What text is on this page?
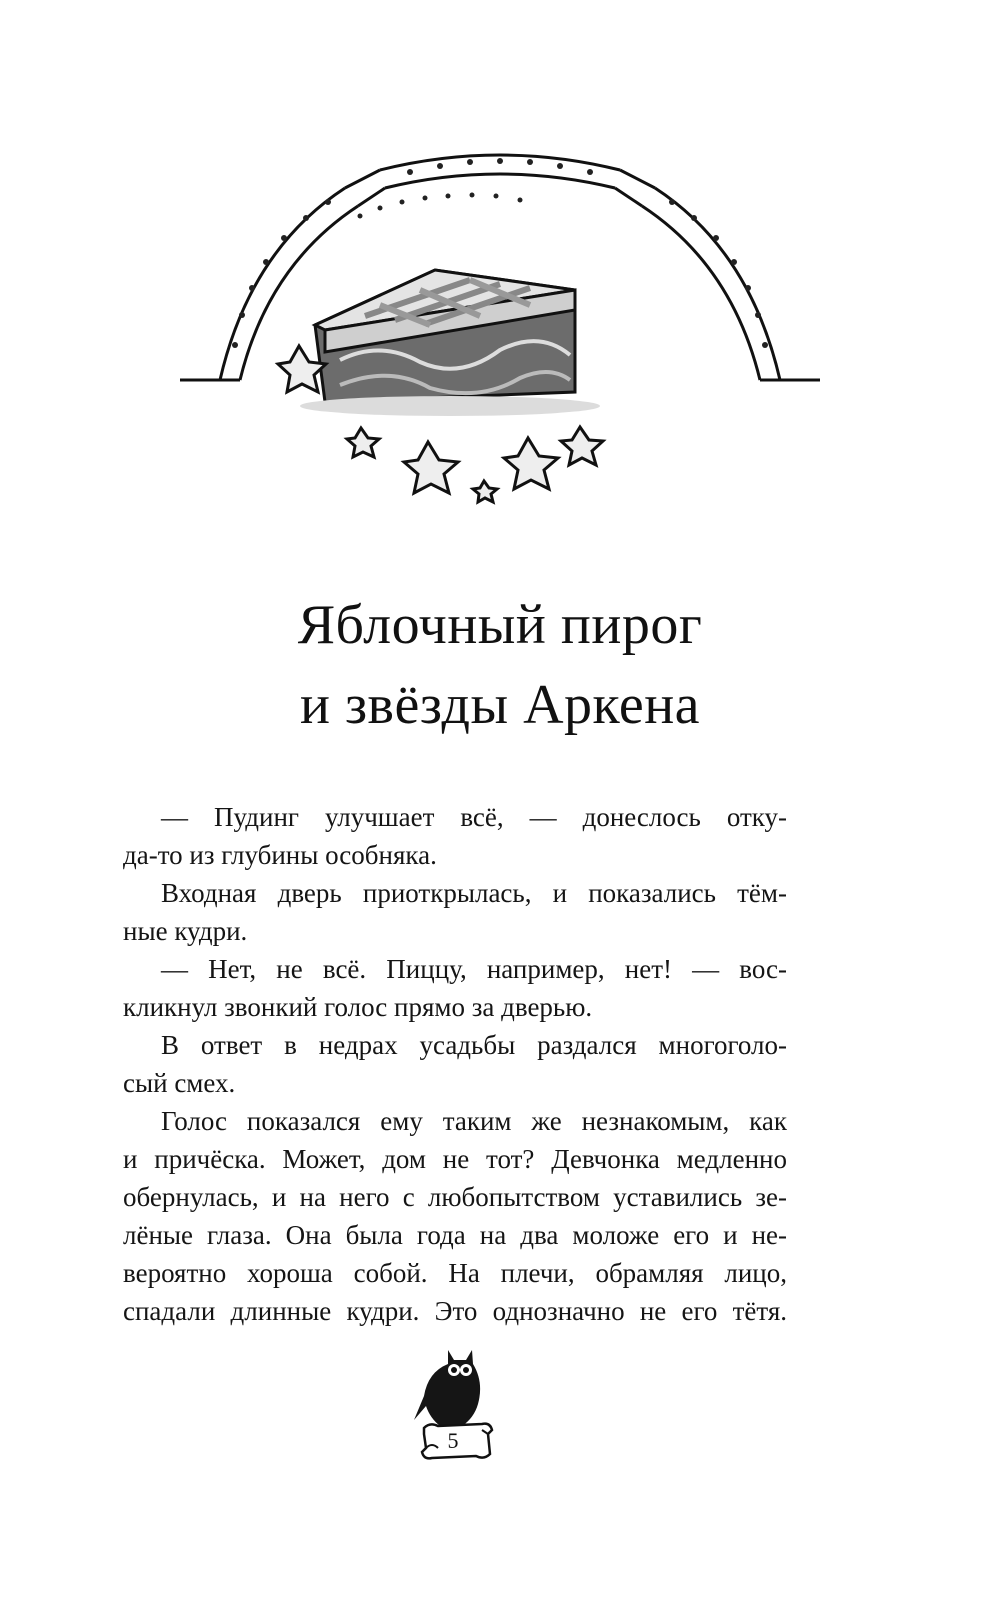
Яблочный пирог
и звёзды Аркена
— Пудинг улучшает всё, — донеслось отку-
да-то из глубины особняка.
Входная дверь приоткрылась, и показались тём-
ные кудри.
— Нет, не всё. Пиццу, например, нет! — вос-
кликнул звонкий голос прямо за дверью.
В ответ в недрах усадьбы раздался многоголо-
сый смех.
Голос показался ему таким же незнакомым, как
и причёска. Может, дом не тот? Девчонка медленно
обернулась, и на него с любопытством уставились зе-
лёные глаза. Она была года на два моложе его и не-
вероятно хороша собой. На плечи, обрамляя лицо,
спадали длинные кудри. Это однозначно не его тётя.
5
